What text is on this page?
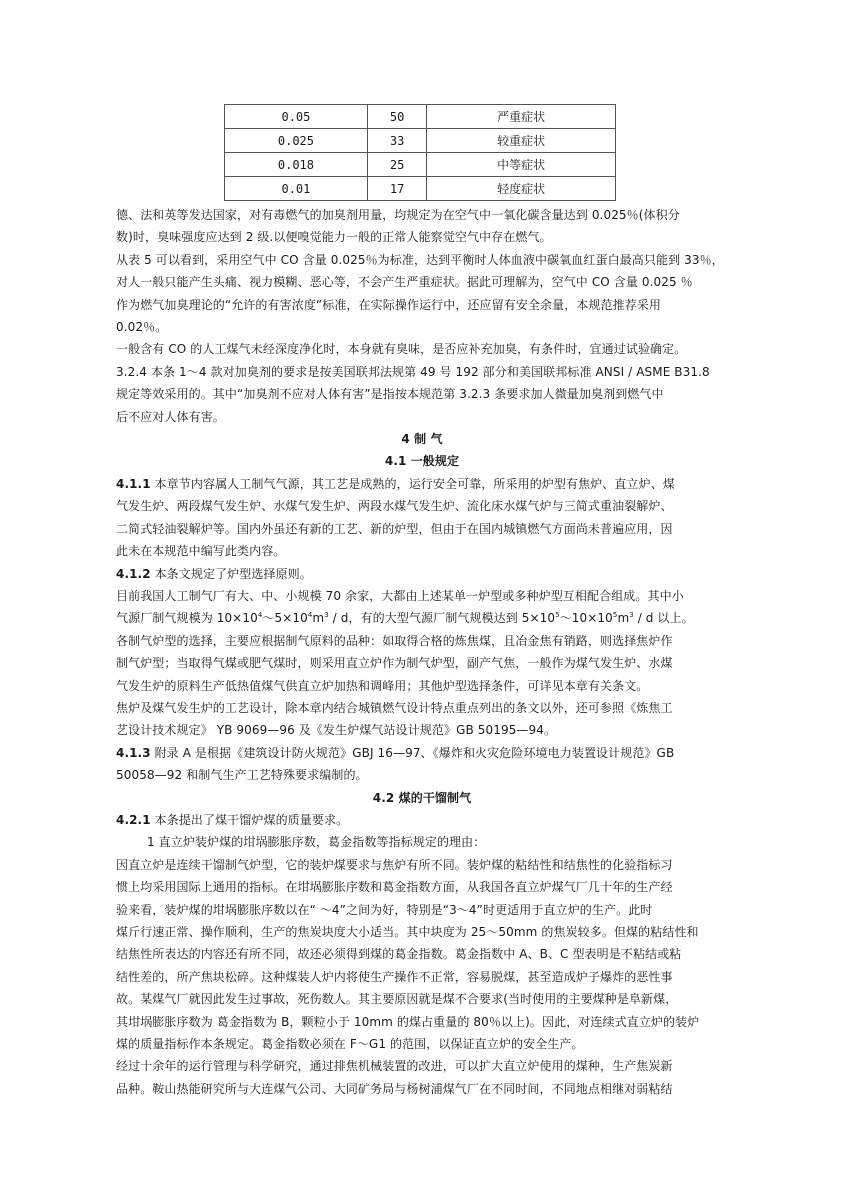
0.05	50	严重症状
0.025	33	较重症状
0.018	25	中等症状
0.01	17	轻度症状

德、法和英等发达国家，对有毒燃气的加臭剂用量，均规定为在空气中一氧化碳含量达到 0.025％(体积分

数)时，臭味强度应达到 2 级.以便嗅觉能力一般的正常人能察觉空气中存在燃气。

从表 5 可以看到，采用空气中 CO 含量 0.025％为标准，达到平衡时人体血液中碳氧血红蛋白最高只能到 33％，

对人一般只能产生头痛、视力模糊、恶心等，不会产生严重症状。据此可理解为，空气中 CO 含量 0.025 ％

作为燃气加臭理论的“允许的有害浓度”标准，在实际操作运行中，还应留有安全余量，本规范推荐采用

0.02％。

一般含有 CO 的人工煤气未经深度净化时，本身就有臭味，是否应补充加臭，有条件时，宜通过试验确定。

3.2.4 本条 1～4 款对加臭剂的要求是按美国联邦法规第 49 号 192 部分和美国联邦标准 ANSI / ASME B31.8

规定等效采用的。其中“加臭剂不应对人体有害”是指按本规范第 3.2.3 条要求加人微量加臭剂到燃气中

后不应对人体有害。

4 制 气

4.1 一般规定

4.1.1 本章节内容属人工制气气源，其工艺是成熟的，运行安全可靠，所采用的炉型有焦炉、直立炉、煤

气发生炉、两段煤气发生炉、水煤气发生炉、两段水煤气发生炉、流化床水煤气炉与三简式重油裂解炉、

二简式轻油裂解炉等。国内外虽还有新的工艺、新的炉型，但由于在国内城镇燃气方面尚未普遍应用，因

此未在本规范中编写此类内容。

4.1.2 本条文规定了炉型选择原则。

目前我国人工制气厂有大、中、小规模 70 余家，大都由上述某单一炉型或多种炉型互相配合组成。其中小

气源厂制气规模为 $10\times 10^4\sim 5\times 10^4m^3 / d$，有的大型气源厂制气规模达到 $5\times 10^5\sim 10\times 10^5m^3 / d$ 以上。

各制气炉型的选择，主要应根据制气原料的品种：如取得合格的炼焦煤，且冶金焦有销路，则选择焦炉作

制气炉型；当取得气煤或肥气煤时，则采用直立炉作为制气炉型，副产气焦，一般作为煤气发生炉、水煤

气发生炉的原料生产低热值煤气供直立炉加热和调峰用；其他炉型选择条件，可详见本章有关条文。

焦炉及煤气发生炉的工艺设计，除本章内结合城镇燃气设计特点重点列出的条文以外，还可参照《炼焦工

艺设计技术规定》 YB 9069—96 及《发生炉煤气站设计规范》GB 50195—94。

4.1.3 附录 A 是根据《建筑设计防火规范》GBJ 16—97、《爆炸和火灾危险环境电力装置设计规范》GB

50058—92 和制气生产工艺特殊要求编制的。

4.2 煤的干馏制气

4.2.1 本条提出了煤干馏炉煤的质量要求。

1 直立炉装炉煤的坩埚膨胀序数，葛金指数等指标规定的理由：

因直立炉是连续干馏制气炉型，它的装炉煤要求与焦炉有所不同。装炉煤的粘结性和结焦性的化验指标习

惯上均采用国际上通用的指标。在坩埚膨胀序数和葛金指数方面，从我国各直立炉煤气厂几十年的生产经

验来看，装炉煤的坩埚膨胀序数以在“ ～4”之间为好，特别是“3～4”时更适用于直立炉的生产。此时

煤斤行速正常、操作顺利，生产的焦炭块度大小适当。其中块度为 25～50mm 的焦炭较多。但煤的粘结性和

结焦性所表达的内容还有所不同，故还必须得到煤的葛金指数。葛金指数中 A、B、C 型表明是不粘结或粘

结性差的，所产焦块松碎。这种煤装人炉内将使生产操作不正常，容易脱煤，甚至造成炉子爆炸的恶性事

故。某煤气厂就因此发生过事故，死伤数人。其主要原因就是煤不合要求(当时使用的主要煤种是阜新煤，

其坩埚膨胀序数为 葛金指数为 B，颗粒小于 10mm 的煤占重量的 80％以上)。因此，对连续式直立炉的装炉

煤的质量指标作本条规定。葛金指数必须在 F～G1 的范围，以保证直立炉的安全生产。

经过十余年的运行管理与科学研究，通过排焦机械装置的改进，可以扩大直立炉使用的煤种，生产焦炭新

品种。鞍山热能研究所与大连煤气公司、大同矿务局与杨树浦煤气厂在不同时间，不同地点相继对弱粘结
